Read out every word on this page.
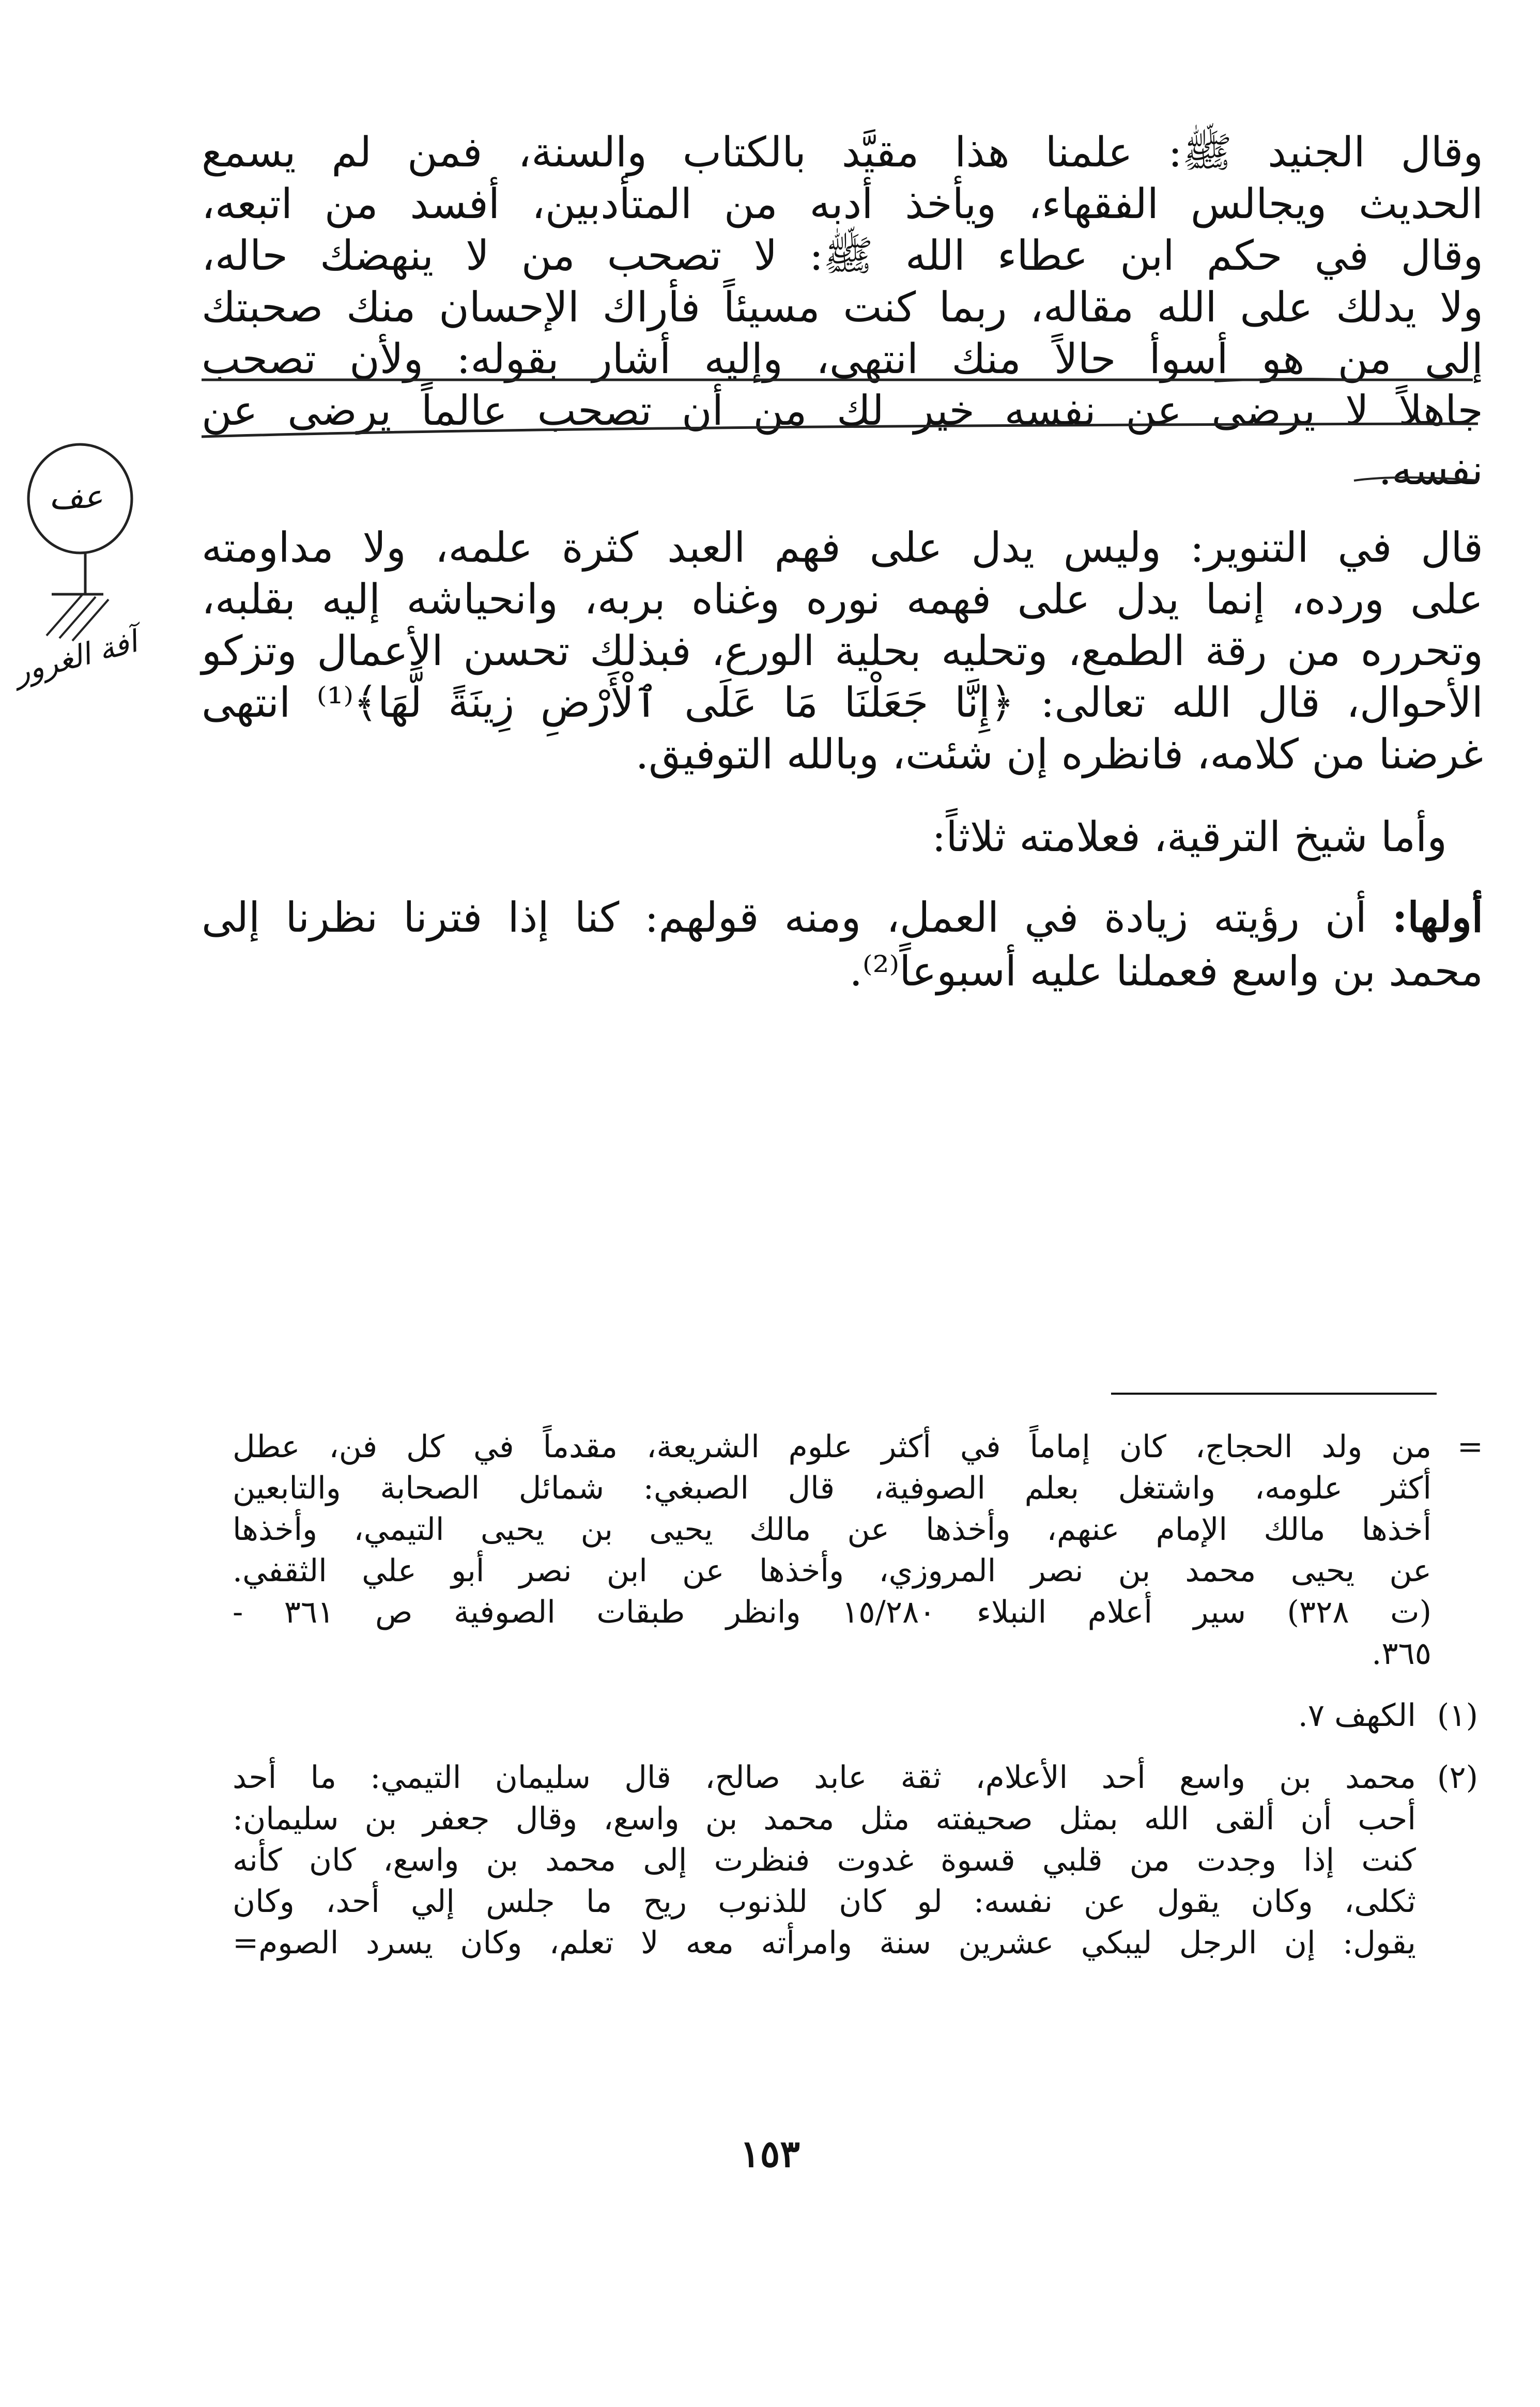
وقال الجنيد ﷺ: علمنا هذا مقيَّد بالكتاب والسنة، فمن لم يسمع
الحديث ويجالس الفقهاء، ويأخذ أدبه من المتأدبين، أفسد من اتبعه،
وقال في حكم ابن عطاء الله ﷺ: لا تصحب من لا ينهضك حاله،
ولا يدلك على الله مقاله، ربما كنت مسيئاً فأراك الإحسان منك صحبتك
إلى من هو أسوأ حالاً منك انتهى، وإليه أشار بقوله: ولأن تصحب
جاهلاً لا يرضى عن نفسه خير لك من أن تصحب عالماً يرضى عن
نفسه.
قال في التنوير: وليس يدل على فهم العبد كثرة علمه، ولا مداومته
على ورده، إنما يدل على فهمه نوره وغناه بربه، وانحياشه إليه بقلبه،
وتحرره من رقة الطمع، وتحليه بحلية الورع، فبذلك تحسن الأعمال وتزكو
الأحوال، قال الله تعالى: ﴿إِنَّا جَعَلْنَا مَا عَلَى ٱلْأَرْضِ زِينَةً لَّهَا﴾⁽¹⁾ انتهى
غرضنا من كلامه، فانظره إن شئت، وبالله التوفيق.
وأما شيخ الترقية، فعلامته ثلاثاً:
أولها: أن رؤيته زيادة في العمل، ومنه قولهم: كنا إذا فترنا نظرنا إلى
محمد بن واسع فعملنا عليه أسبوعاً⁽²⁾.
عف
آفة الغرور
=
من ولد الحجاج، كان إماماً في أكثر علوم الشريعة، مقدماً في كل فن، عطل
أكثر علومه، واشتغل بعلم الصوفية، قال الصبغي: شمائل الصحابة والتابعين
أخذها مالك الإمام عنهم، وأخذها عن مالك يحيى بن يحيى التيمي، وأخذها
عن يحيى محمد بن نصر المروزي، وأخذها عن ابن نصر أبو علي الثقفي.
(ت ٣٢٨) سير أعلام النبلاء ١٥/٢٨٠ وانظر طبقات الصوفية ص ٣٦١ -
٣٦٥.
(١)
الكهف ٧.
(٢)
محمد بن واسع أحد الأعلام، ثقة عابد صالح، قال سليمان التيمي: ما أحد
أحب أن ألقى الله بمثل صحيفته مثل محمد بن واسع، وقال جعفر بن سليمان:
كنت إذا وجدت من قلبي قسوة غدوت فنظرت إلى محمد بن واسع، كان كأنه
ثكلى، وكان يقول عن نفسه: لو كان للذنوب ريح ما جلس إلي أحد، وكان
يقول: إن الرجل ليبكي عشرين سنة وامرأته معه لا تعلم، وكان يسرد الصوم=
١٥٣
